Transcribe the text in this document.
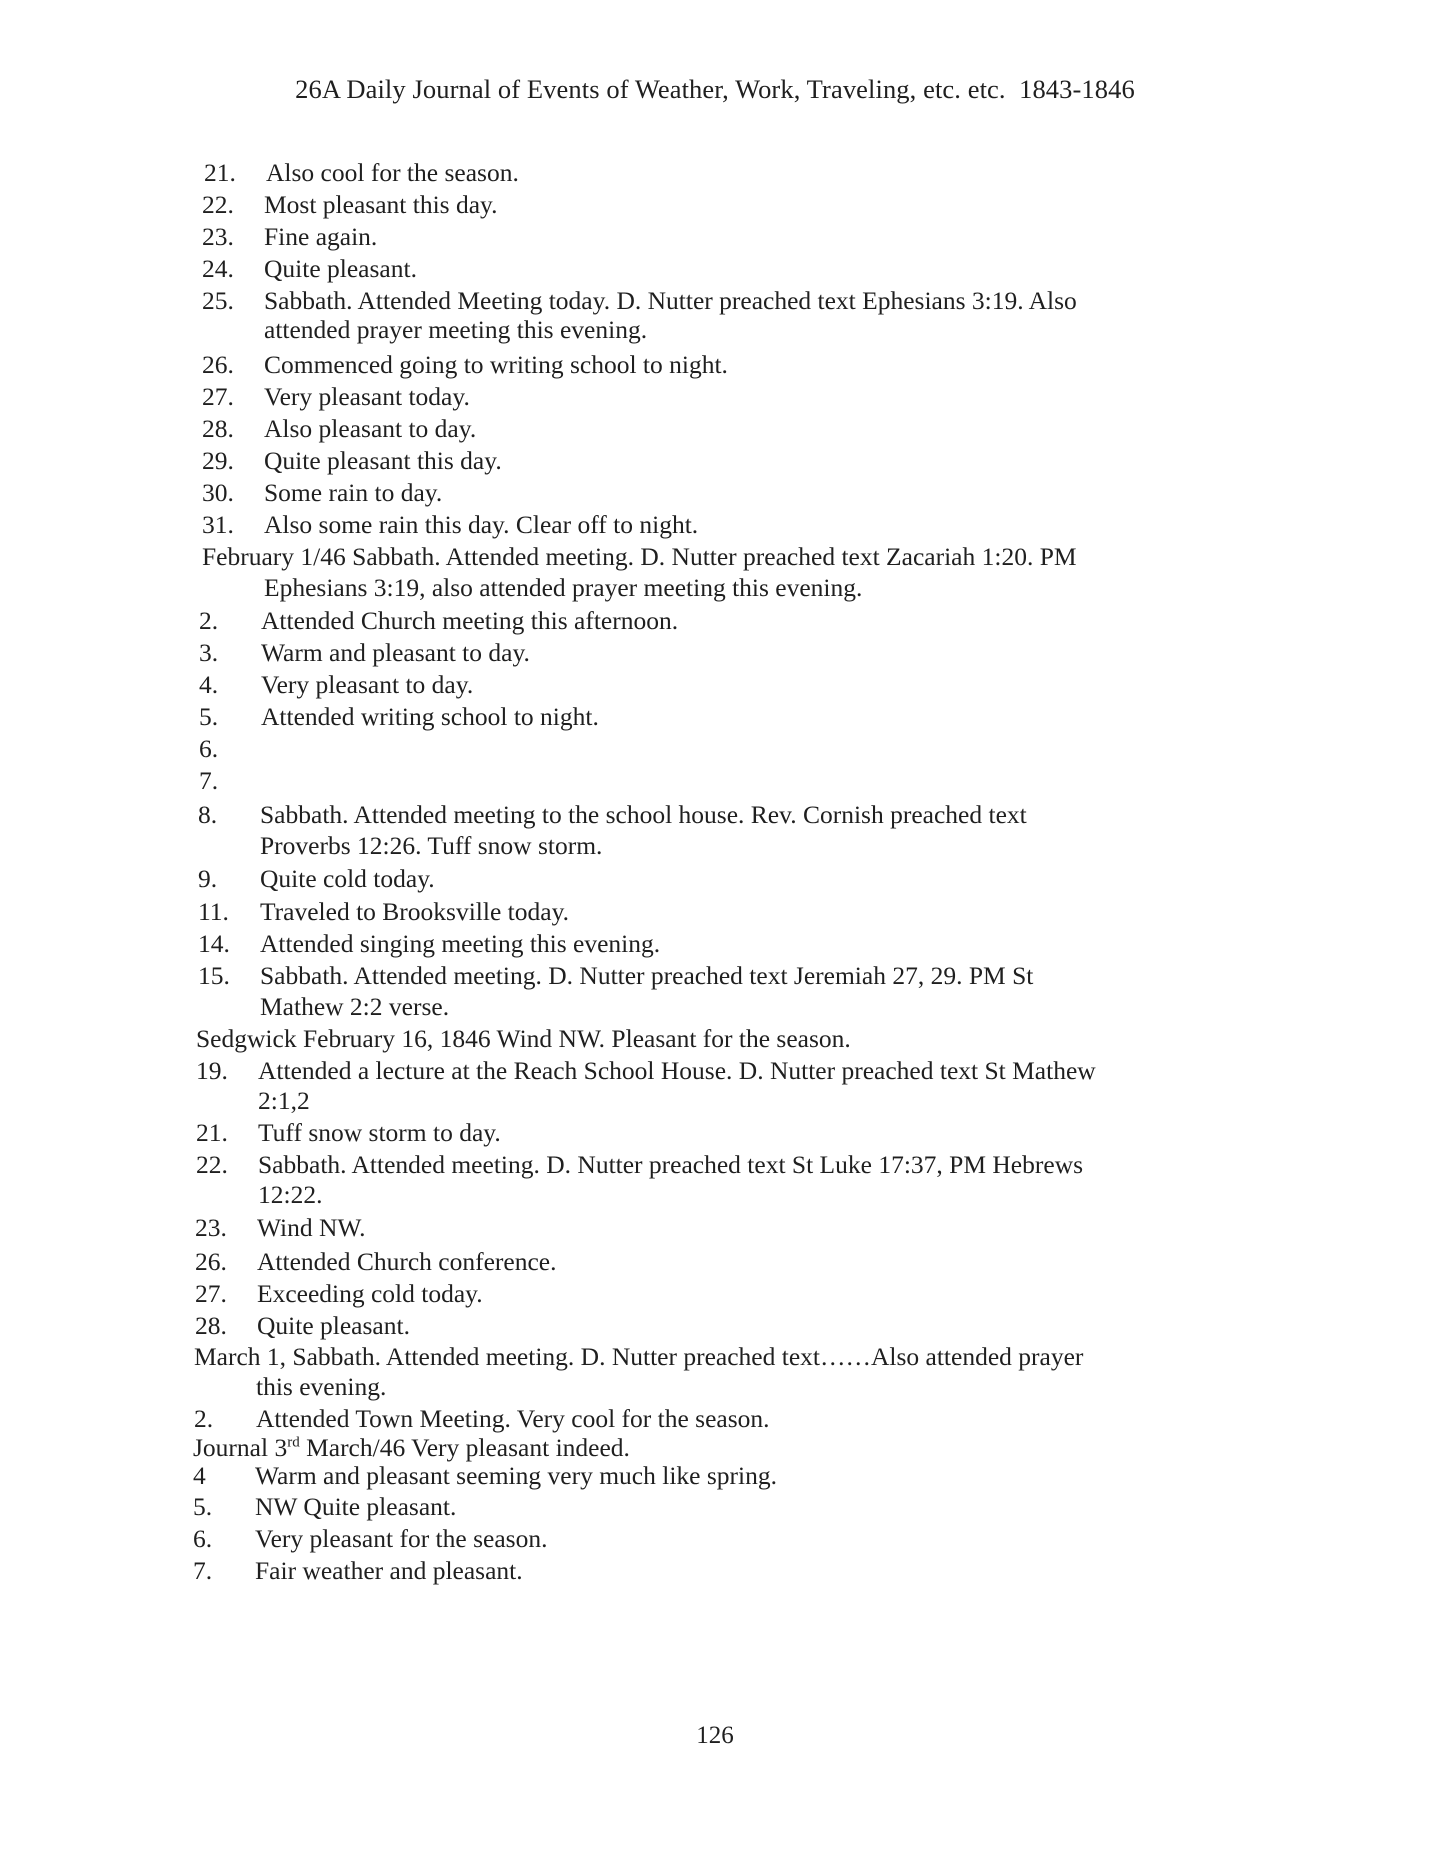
26A Daily Journal of Events of Weather, Work, Traveling, etc. etc. 1843-1846
21. Also cool for the season.
22. Most pleasant this day.
23. Fine again.
24. Quite pleasant.
25. Sabbath. Attended Meeting today. D. Nutter preached text Ephesians 3:19. Also
attended prayer meeting this evening.
26. Commenced going to writing school to night.
27. Very pleasant today.
28. Also pleasant to day.
29. Quite pleasant this day.
30. Some rain to day.
31. Also some rain this day. Clear off to night.
February 1/46 Sabbath. Attended meeting. D. Nutter preached text Zacariah 1:20. PM
Ephesians 3:19, also attended prayer meeting this evening.
2. Attended Church meeting this afternoon.
3. Warm and pleasant to day.
4. Very pleasant to day.
5. Attended writing school to night.
6.
7.
8. Sabbath. Attended meeting to the school house. Rev. Cornish preached text
Proverbs 12:26. Tuff snow storm.
9. Quite cold today.
11. Traveled to Brooksville today.
14. Attended singing meeting this evening.
15. Sabbath. Attended meeting. D. Nutter preached text Jeremiah 27, 29. PM St
Mathew 2:2 verse.
Sedgwick February 16, 1846 Wind NW. Pleasant for the season.
19. Attended a lecture at the Reach School House. D. Nutter preached text St Mathew
2:1,2
21. Tuff snow storm to day.
22. Sabbath. Attended meeting. D. Nutter preached text St Luke 17:37, PM Hebrews
12:22.
23. Wind NW.
26. Attended Church conference.
27. Exceeding cold today.
28. Quite pleasant.
March 1, Sabbath. Attended meeting. D. Nutter preached text……Also attended prayer
this evening.
2. Attended Town Meeting. Very cool for the season.
Journal 3rd March/46 Very pleasant indeed.
4 Warm and pleasant seeming very much like spring.
5. NW Quite pleasant.
6. Very pleasant for the season.
7. Fair weather and pleasant.
126
